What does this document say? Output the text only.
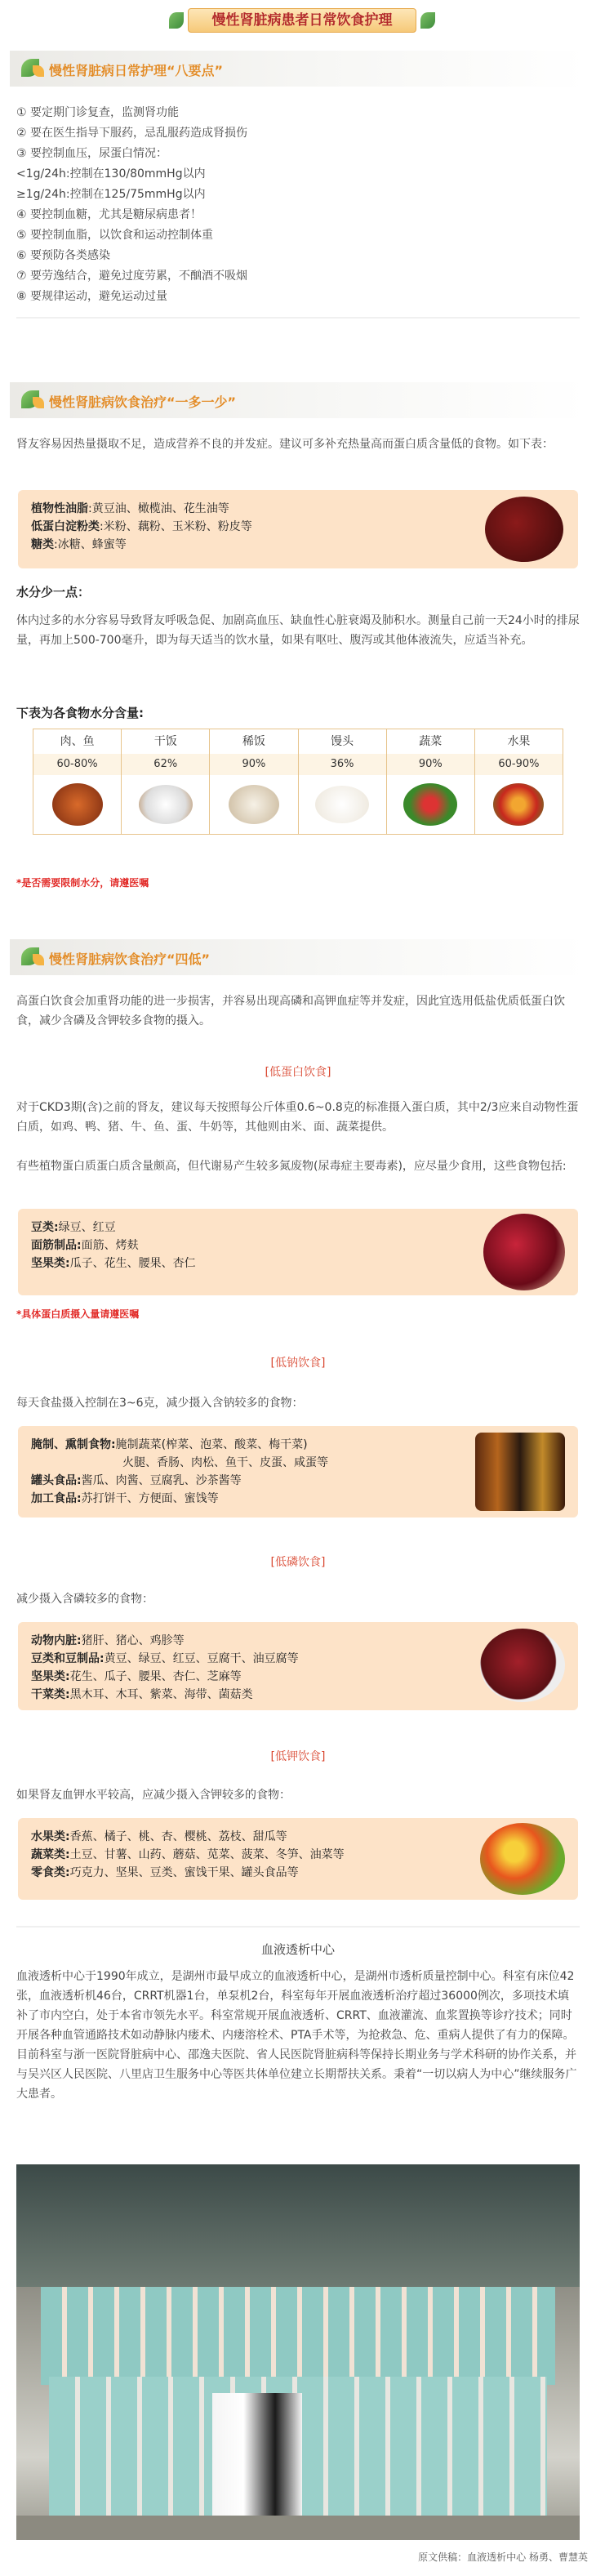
慢性肾脏病患者日常饮食护理
慢性肾脏病日常护理“八要点”
① 要定期门诊复查，监测肾功能
② 要在医生指导下服药，忌乱服药造成肾损伤
③ 要控制血压，尿蛋白情况：
<1g/24h:控制在130/80mmHg以内
≥1g/24h:控制在125/75mmHg以内
④ 要控制血糖，尤其是糖尿病患者！
⑤ 要控制血脂，以饮食和运动控制体重
⑥ 要预防各类感染
⑦ 要劳逸结合，避免过度劳累，不酗酒不吸烟
⑧ 要规律运动，避免运动过量
慢性肾脏病饮食治疗“一多一少”
肾友容易因热量摄取不足，造成营养不良的并发症。建议可多补充热量高而蛋白质含量低的食物。如下表：
植物性油脂:黄豆油、橄榄油、花生油等
低蛋白淀粉类:米粉、藕粉、玉米粉、粉皮等
糖类:冰糖、蜂蜜等
水分少一点：
体内过多的水分容易导致肾友呼吸急促、加剧高血压、缺血性心脏衰竭及肺积水。测量自己前一天24小时的排尿量，再加上500-700毫升，即为每天适当的饮水量，如果有呕吐、腹泻或其他体液流失，应适当补充。
下表为各食物水分含量:
肉、鱼
60-80%
干饭
62%
稀饭
90%
馒头
36%
蔬菜
90%
水果
60-90%
*是否需要限制水分，请遵医嘱
慢性肾脏病饮食治疗“四低”
高蛋白饮食会加重肾功能的进一步损害，并容易出现高磷和高钾血症等并发症，因此宜选用低盐优质低蛋白饮食，减少含磷及含钾较多食物的摄入。
[低蛋白饮食]
对于CKD3期(含)之前的肾友，建议每天按照每公斤体重0.6~0.8克的标准摄入蛋白质，其中2/3应来自动物性蛋白质，如鸡、鸭、猪、牛、鱼、蛋、牛奶等，其他则由米、面、蔬菜提供。
有些植物蛋白质蛋白质含量颇高，但代谢易产生较多氮废物(尿毒症主要毒素)，应尽量少食用，这些食物包括:
豆类:绿豆、红豆
面筋制品:面筋、烤麸
坚果类:瓜子、花生、腰果、杏仁
*具体蛋白质摄入量请遵医嘱
[低钠饮食]
每天食盐摄入控制在3~6克，减少摄入含钠较多的食物：
腌制、熏制食物:腌制蔬菜(榨菜、泡菜、酸菜、梅干菜)
火腿、香肠、肉松、鱼干、皮蛋、咸蛋等
罐头食品:酱瓜、肉酱、豆腐乳、沙茶酱等
加工食品:苏打饼干、方便面、蜜饯等
[低磷饮食]
减少摄入含磷较多的食物：
动物内脏:猪肝、猪心、鸡胗等
豆类和豆制品:黄豆、绿豆、红豆、豆腐干、油豆腐等
坚果类:花生、瓜子、腰果、杏仁、芝麻等
干菜类:黑木耳、木耳、紫菜、海带、菌菇类
[低钾饮食]
如果肾友血钾水平较高，应减少摄入含钾较多的食物：
水果类:香蕉、橘子、桃、杏、樱桃、荔枝、甜瓜等
蔬菜类:土豆、甘薯、山药、蘑菇、苋菜、菠菜、冬笋、油菜等
零食类:巧克力、坚果、豆类、蜜饯干果、罐头食品等
血液透析中心
血液透析中心于1990年成立，是湖州市最早成立的血液透析中心，是湖州市透析质量控制中心。科室有床位42张，血液透析机46台，CRRT机器1台，单泵机2台，科室每年开展血液透析治疗超过36000例次，多项技术填补了市内空白，处于本省市领先水平。科室常规开展血液透析、CRRT、血液灌流、血浆置换等诊疗技术；同时开展各种血管通路技术如动静脉内瘘术、内瘘溶栓术、PTA手术等，为抢救急、危、重病人提供了有力的保障。目前科室与浙一医院肾脏病中心、邵逸夫医院、省人民医院肾脏病科等保持长期业务与学术科研的协作关系，并与吴兴区人民医院、八里店卫生服务中心等医共体单位建立长期帮扶关系。秉着“一切以病人为中心”继续服务广大患者。
原文供稿：血液透析中心 杨勇、曹慧英
